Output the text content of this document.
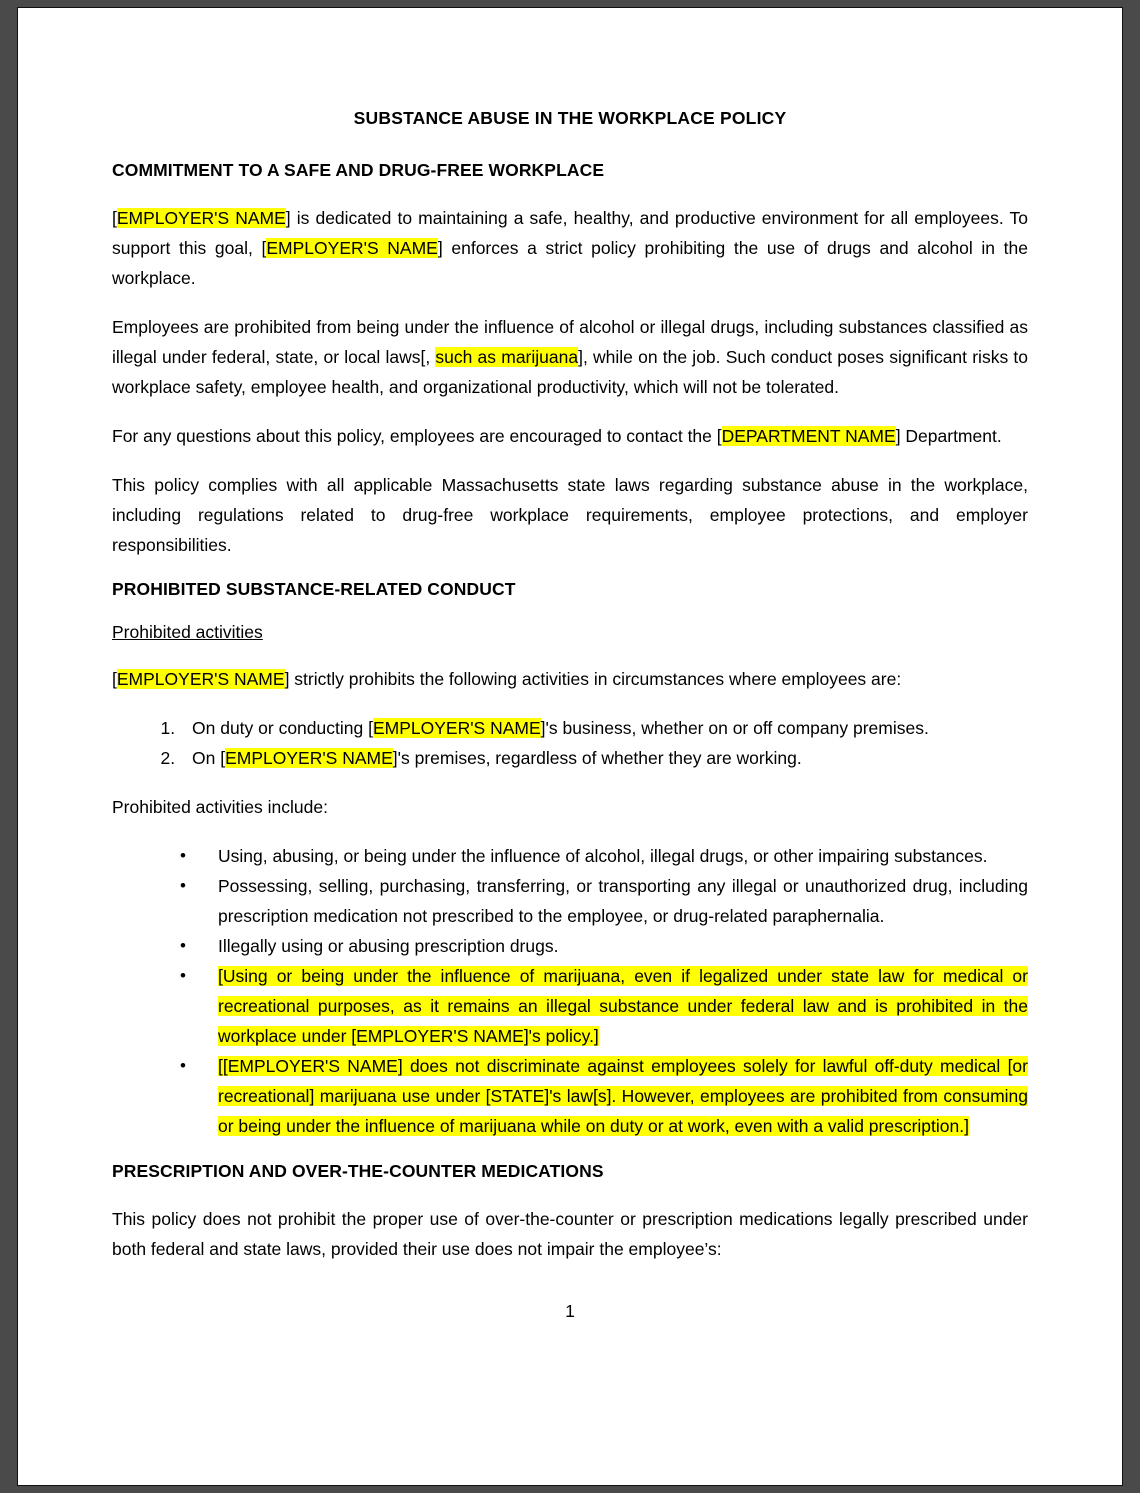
SUBSTANCE ABUSE IN THE WORKPLACE POLICY
COMMITMENT TO A SAFE AND DRUG-FREE WORKPLACE

[EMPLOYER'S NAME] is dedicated to maintaining a safe, healthy, and productive environment for all employees. To support this goal, [EMPLOYER'S NAME] enforces a strict policy prohibiting the use of drugs and alcohol in the workplace.

Employees are prohibited from being under the influence of alcohol or illegal drugs, including substances classified as illegal under federal, state, or local laws[, such as marijuana], while on the job. Such conduct poses significant risks to workplace safety, employee health, and organizational productivity, which will not be tolerated.

For any questions about this policy, employees are encouraged to contact the [DEPARTMENT NAME] Department.

This policy complies with all applicable Massachusetts state laws regarding substance abuse in the workplace, including regulations related to drug-free workplace requirements, employee protections, and employer responsibilities.

PROHIBITED SUBSTANCE-RELATED CONDUCT
Prohibited activities

[EMPLOYER'S NAME] strictly prohibits the following activities in circumstances where employees are:

1. On duty or conducting [EMPLOYER'S NAME]'s business, whether on or off company premises.
2. On [EMPLOYER'S NAME]'s premises, regardless of whether they are working.

Prohibited activities include:

• Using, abusing, or being under the influence of alcohol, illegal drugs, or other impairing substances.
• Possessing, selling, purchasing, transferring, or transporting any illegal or unauthorized drug, including prescription medication not prescribed to the employee, or drug-related paraphernalia.
• Illegally using or abusing prescription drugs.
• [Using or being under the influence of marijuana, even if legalized under state law for medical or recreational purposes, as it remains an illegal substance under federal law and is prohibited in the workplace under [EMPLOYER'S NAME]'s policy.]
• [[EMPLOYER'S NAME] does not discriminate against employees solely for lawful off-duty medical [or recreational] marijuana use under [STATE]'s law[s]. However, employees are prohibited from consuming or being under the influence of marijuana while on duty or at work, even with a valid prescription.]
PRESCRIPTION AND OVER-THE-COUNTER MEDICATIONS

This policy does not prohibit the proper use of over-the-counter or prescription medications legally prescribed under both federal and state laws, provided their use does not impair the employee’s:

1
